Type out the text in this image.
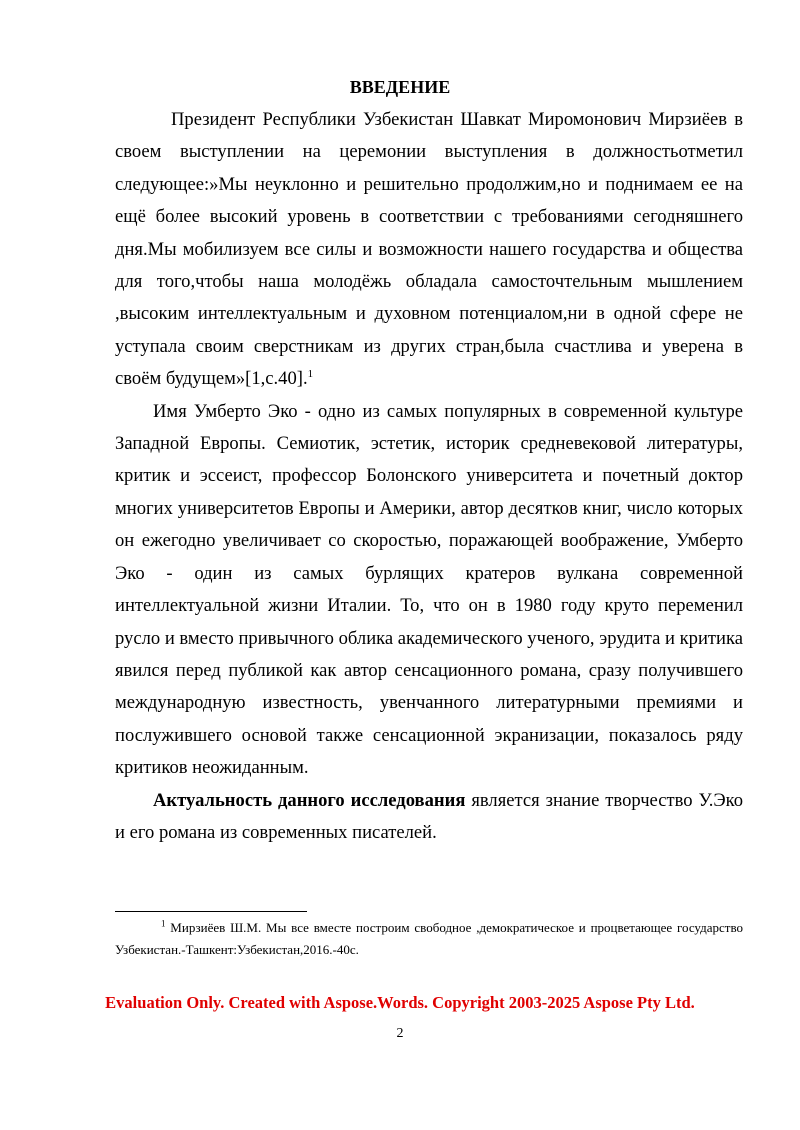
ВВЕДЕНИЕ

Президент Республики Узбекистан Шавкат Миромонович Мирзиёев в своем выступлении на церемонии выступления в должностьотметил следующее:»Мы неуклонно и решительно продолжим,но и поднимаем ее на ещё более высокий уровень в соответствии с требованиями сегодняшнего дня.Мы мобилизуем все силы и возможности нашего государства и общества для того,чтобы наша молодёжь обладала самосточтельным мышлением ,высоким интеллектуальным и духовном потенциалом,ни в одной сфере не уступала своим сверстникам из других стран,была счастлива и уверена в своём будущем»[1,с.40].$^1$

Имя Умберто Эко - одно из самых популярных в современной культуре Западной Европы. Семиотик, эстетик, историк средневековой литературы, критик и эссеист, профессор Болонского университета и почетный доктор многих университетов Европы и Америки, автор десятков книг, число которых он ежегодно увеличивает со скоростью, поражающей воображение, Умберто Эко - один из самых бурлящих кратеров вулкана современной интеллектуальной жизни Италии. То, что он в 1980 году круто переменил русло и вместо привычного облика академического ученого, эрудита и критика явился перед публикой как автор сенсационного романа, сразу получившего международную известность, увенчанного литературными премиями и послужившего основой также сенсационной экранизации, показалось ряду критиков неожиданным.

Актуальность данного исследования является знание творчество У.Эко и его романа из современных писателей.

$^1$ Мирзиёев Ш.М. Мы все вместе построим свободное ,демократическое и процветающее государство Узбекистан.-Ташкент:Узбекистан,2016.-40с.

Evaluation Only. Created with Aspose.Words. Copyright 2003-2025 Aspose Pty Ltd.
2
